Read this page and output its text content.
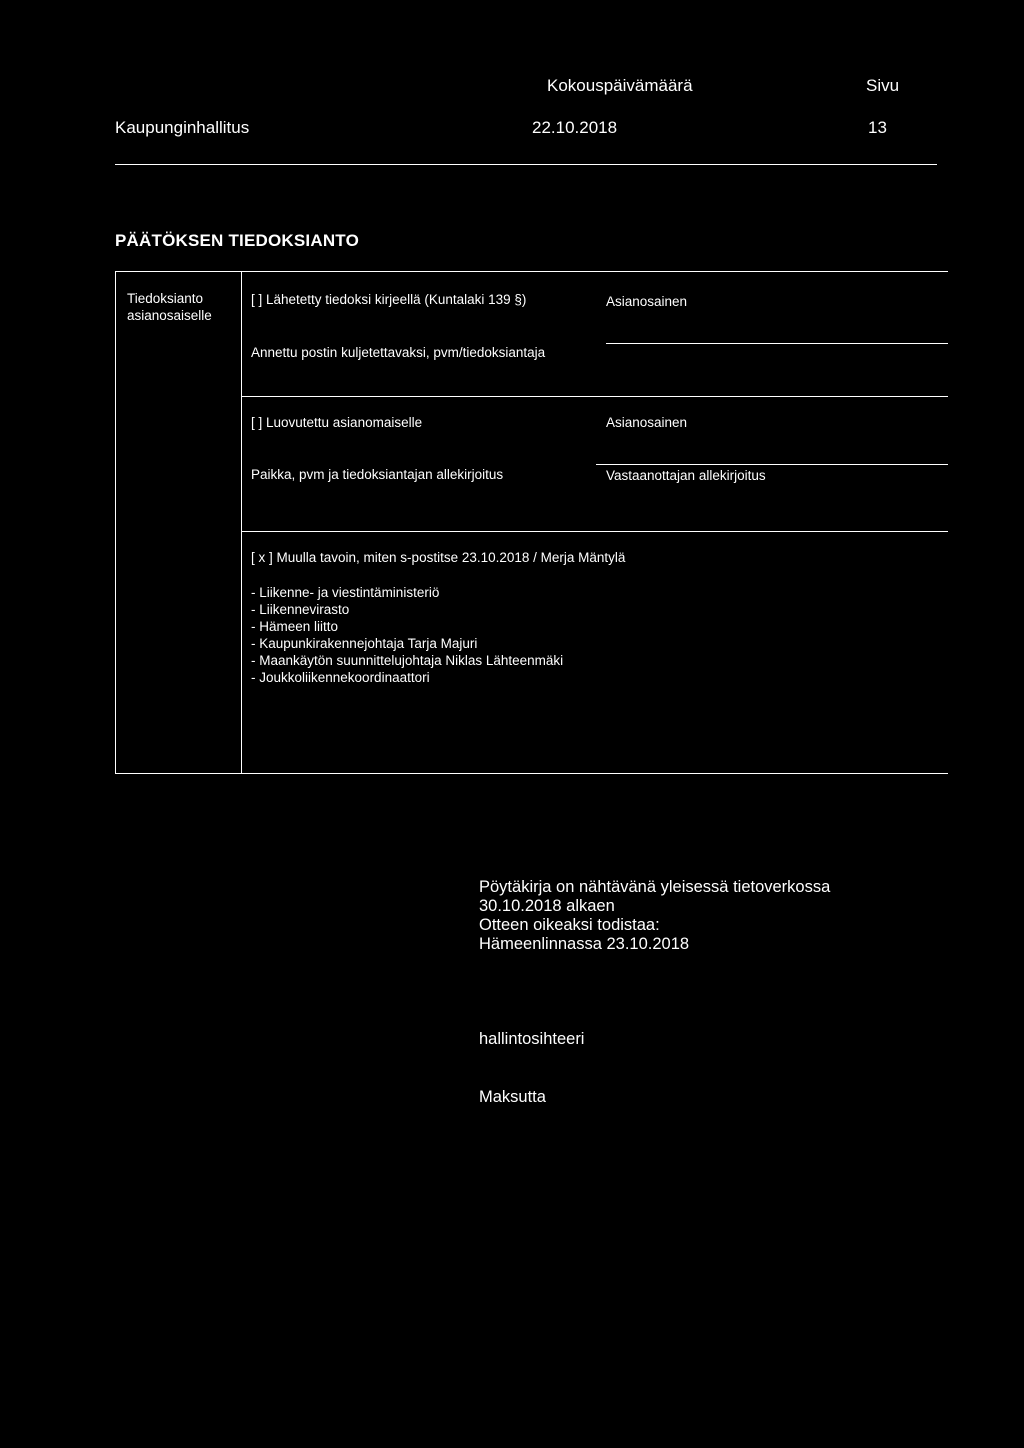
Kokouspäivämäärä	Sivu
Kaupunginhallitus	22.10.2018	13
PÄÄTÖKSEN TIEDOKSIANTO
Tiedoksianto
asianosaiselle
[ ] Lähetetty tiedoksi kirjeellä (Kuntalaki 139 §)	Asianosainen
Annettu postin kuljetettavaksi, pvm/tiedoksiantaja
[ ] Luovutettu asianomaiselle	Asianosainen
Paikka, pvm ja tiedoksiantajan allekirjoitus	Vastaanottajan allekirjoitus
[ x ] Muulla tavoin, miten s-postitse 23.10.2018 / Merja Mäntylä
- Liikenne- ja viestintäministeriö
- Liikennevirasto
- Hämeen liitto
- Kaupunkirakennejohtaja Tarja Majuri
- Maankäytön suunnittelujohtaja Niklas Lähteenmäki
- Joukkoliikennekoordinaattori
Pöytäkirja on nähtävänä yleisessä tietoverkossa
30.10.2018 alkaen
Otteen oikeaksi todistaa:
Hämeenlinnassa 23.10.2018
hallintosihteeri
Maksutta
